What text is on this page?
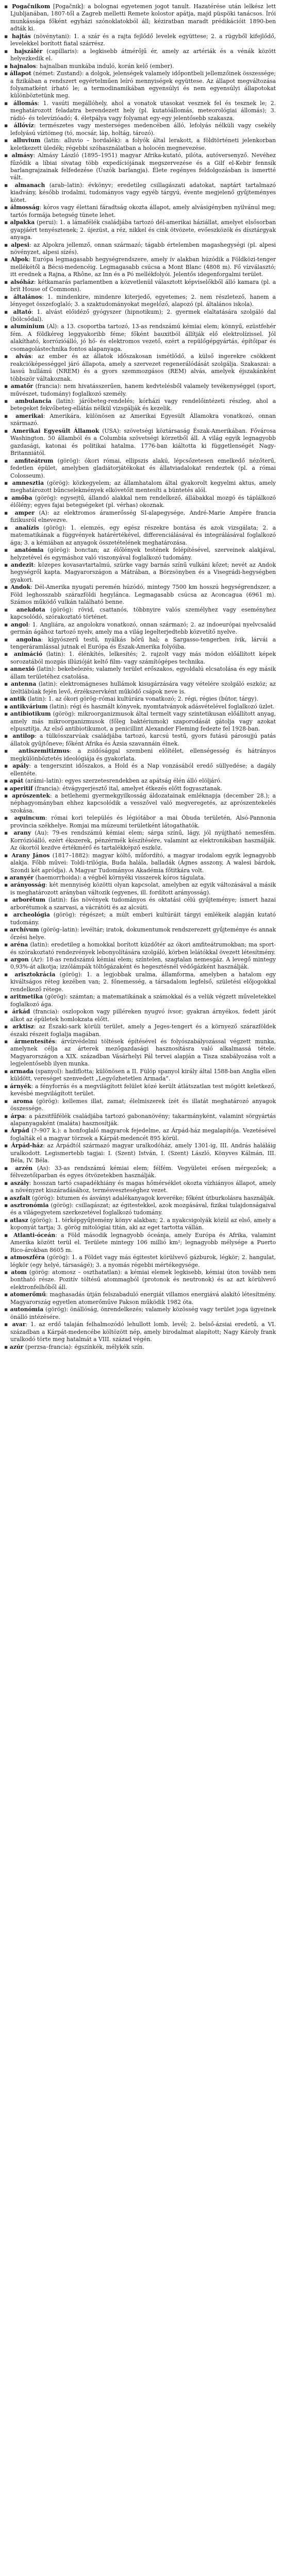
▪ Pogačnikom [Pogačnik]: a bolognai egyetemen jogot tanult. Hazatérése után lelkész lett Ljubljanában, 1807-től a Zagreb melletti Remete kolostor apátja, majd püspöki tanácsos. Írói munkássága főként egyházi szónoklatokból áll; kéziratban maradt prédikációit 1890-ben adták ki.

▪ hajtás (növénytani): 1. a szár és a rajta fejlődő levelek együttese; 2. a rügyből kifejlődő, levelekkel borított fiatal szárrész.

▪ hajszálér (capillaris): a legkisebb átmérőjű ér, amely az artériák és a vénák között helyezkedik el.

▪ hajnalos: hajnalban munkába induló, korán kelő (ember).

▪ állapot (német: Zustand): a dolgok, jelenségek valamely időpontbeli jellemzőinek összessége; a fizikában a rendszert egyértelműen leíró mennyiségek együttese. Az állapot megváltozása folyamatként írható le; a termodinamikában egyensúlyi és nem egyensúlyi állapotokat különböztetünk meg.

▪ állomás: 1. vasúti megállóhely, ahol a vonatok utasokat vesznek fel és tesznek le; 2. meghatározott feladatra berendezett hely (pl. kutatóállomás, meteorológiai állomás); 3. rádió- és televízióadó; 4. életpálya vagy folyamat egy-egy jelentősebb szakasza.

▪ állóvíz: természetes vagy mesterséges medencében álló, lefolyás nélküli vagy csekély lefolyású víztömeg (tó, mocsár, láp, holtág, tározó).

▪ alluvium (latin: alluvio – hordalék): a folyók által lerakott, a földtörténeti jelenkorban keletkezett üledék; régebbi szóhasználatban a holocén megnevezése.

▪ almásy: Almásy László (1895–1951) magyar Afrika-kutató, pilóta, autóversenyző. Nevéhez fűződik a líbiai sivatag több expedíciójának megszervezése és a Gilf el-Kebir fennsík barlangrajzainak felfedezése (Úszók barlangja). Élete regényes feldolgozásban is ismertté vált.

▪ almanach (arab–latin): évkönyv; eredetileg csillagászati adatokat, naptárt tartalmazó kiadvány, később irodalmi, tudományos vagy egyéb tárgyú, évente megjelenő gyűjteményes kötet.

▪ álmosság: kóros vagy élettani fáradtság okozta állapot, amely alvásigényben nyilvánul meg; tartós formája betegség tünete lehet.

▪ alpakka (perui): 1. a lámafélék családjába tartozó dél-amerikai háziállat, amelyet elsősorban gyapjáért tenyésztenek; 2. újezüst, a réz, nikkel és cink ötvözete, evőeszközök és dísztárgyak anyaga.

▪ alpesi: az Alpokra jellemző, onnan származó; tágabb értelemben magashegységi (pl. alpesi növényzet, alpesi sízés).

▪ Alpok: Európa legmagasabb hegységrendszere, amely ív alakban húzódik a Földközi-tenger mellékétől a Bécsi-medencéig. Legmagasabb csúcsa a Mont Blanc (4808 m). Fő vízválasztó; itt erednek a Rajna, a Rhône, az Inn és a Pó mellékfolyói. Jelentős idegenforgalmi terület.

▪ alsóház: kétkamarás parlamentben a közvetlenül választott képviselőkből álló kamara (pl. a brit House of Commons).

▪ általános: 1. mindenkire, mindenre kiterjedő, egyetemes; 2. nem részletező, hanem a lényeget összefoglaló; 3. a szaktudományokat megelőző, alapozó (pl. általános iskola).

▪ altató: 1. alvást előidéző gyógyszer (hipnotikum); 2. gyermek elaltatására szolgáló dal (bölcsődal).

▪ alumínium (Al): a 13. csoportba tartozó, 13-as rendszámú kémiai elem; könnyű, ezüstfehér fém. A földkéreg leggyakoribb féme; főként bauxitból állítják elő elektrolízissel. Jól alakítható, korrózióálló, jó hő- és elektromos vezető, ezért a repülőgépgyártás, építőipar és csomagolástechnika fontos alapanyaga.

▪ alvás: az ember és az állatok időszakosan ismétlődő, a külső ingerekre csökkent reakcióképességgel járó állapota, amely a szervezet regenerálódását szolgálja. Szakaszai: a lassú hullámú (NREM) és a gyors szemmozgásos (REM) alvás, amelyek éjszakánként többször váltakoznak.

▪ amatőr (francia): nem hivatásszerűen, hanem kedvtelésből valamely tevékenységgel (sport, művészet, tudomány) foglalkozó személy.

▪ ambulancia (latin): járóbeteg-rendelés; kórházi vagy rendelőintézeti részleg, ahol a betegeket fekvőbeteg-ellátás nélkül vizsgálják és kezelik.

▪ amerikai: Amerikára, különösen az Amerikai Egyesült Államokra vonatkozó, onnan származó.

▪ Amerikai Egyesült Államok (USA): szövetségi köztársaság Észak-Amerikában. Fővárosa Washington. 50 államból és a Columbia szövetségi körzetből áll. A világ egyik legnagyobb gazdasági, katonai és politikai hatalma. 1776-ban kiáltotta ki függetlenségét Nagy-Britanniától.

▪ amfiteátrum (görög): ókori római, ellipszis alakú, lépcsőzetesen emelkedő nézőterű, fedetlen épület, amelyben gladiátorjátékokat és állatviadalokat rendeztek (pl. a római Colosseum).

▪ amnesztia (görög): közkegyelem; az államhatalom által gyakorolt kegyelmi aktus, amely meghatározott bűncselekmények elkövetőit mentesíti a büntetés alól.

▪ amőba (görög): egysejtű, állandó alakkal nem rendelkező, állábakkal mozgó és táplálkozó élőlény; egyes fajai betegségeket (pl. vérhas) okoznak.

▪ amper (A): az elektromos áramerősség SI-alapegysége, André-Marie Ampère francia fizikusról elnevezve.

▪ analízis (görög): 1. elemzés, egy egész részekre bontása és azok vizsgálata; 2. a matematikának a függvények határértékével, differenciálásával és integrálásával foglalkozó ága; 3. a kémiában az anyagok összetételének meghatározása.

▪ anatómia (görög): bonctan; az élőlények testének felépítésével, szerveinek alakjával, helyzetével és egymáshoz való viszonyával foglalkozó tudomány.

▪ andezit: közepes kovasavtartalmú, szürke vagy barnás színű vulkáni kőzet; nevét az Andok hegységről kapta. Magyarországon a Mátrában, a Börzsönyben és a Visegrádi-hegységben gyakori.

▪ Andok: Dél-Amerika nyugati peremén húzódó, mintegy 7500 km hosszú hegységrendszer, a Föld leghosszabb szárazföldi hegylánca. Legmagasabb csúcsa az Aconcagua (6961 m). Számos működő vulkán található benne.

▪ anekdota (görög): rövid, csattanós, többnyire valós személyhez vagy eseményhez kapcsolódó, szórakoztató történet.

▪ angol: 1. Angliára, az angolokra vonatkozó, onnan származó; 2. az indoeurópai nyelvcsalád germán ágához tartozó nyelv, amely ma a világ legelterjedtebb közvetítő nyelve.

▪ angolna: kígyószerű testű, nyálkás bőrű hal; a Sargasso-tengerben ívik, lárvái a tengeráramlással jutnak el Európa és Észak-Amerika folyóiba.

▪ animáció (latin): 1. élénkítés, lelkesítés; 2. rajzolt vagy más módon előállított képek sorozatából mozgás illúzióját keltő film- vagy számítógépes technika.

▪ annexió (latin): bekebelezés; valamely terület erőszakos, egyoldalú elcsatolása és egy másik állam területéhez csatolása.

▪ antenna (latin): elektromágneses hullámok kisugárzására vagy vételére szolgáló eszköz; az ízeltlábúak fején levő, érzékszervként működő csápok neve is.

▪ antik (latin): 1. az ókori görög–római kultúrára vonatkozó; 2. régi, régies (bútor, tárgy).

▪ antikvárium (latin): régi és használt könyvek, nyomtatványok adásvételével foglalkozó üzlet.

▪ antibiotikum (görög): mikroorganizmusok által termelt vagy szintetikusan előállított anyag, amely más mikroorganizmusok (főleg baktériumok) szaporodását gátolja vagy azokat elpusztítja. Az első antibiotikumot, a penicillint Alexander Fleming fedezte fel 1928-ban.

▪ antilop: a tülkösszarvúak családjába tartozó, karcsú testű, gyors futású párosujjú patás állatok gyűjtőneve; főként Afrika és Ázsia szavannáin élnek.

▪ antiszemitizmus: a zsidósággal szembeni előítélet, ellenségesség és hátrányos megkülönböztetés ideológiája és gyakorlata.

▪ apály: a tengerszint időszakos, a Hold és a Nap vonzásából eredő süllyedése; a dagály ellentéte.

▪ apát (arámi–latin): egyes szerzetesrendekben az apátság élén álló elöljáró.

▪ aperitif (francia): étvágygerjesztő ital, amelyet étkezés előtt fogyasztanak.

▪ aprószentek: a betlehemi gyermekgyilkosság áldozatainak emléknapja (december 28.); a néphagyományban ehhez kapcsolódik a vesszővel való megveregetés, az aprószentekelés szokása.

▪ aquincum: római kori település és légiótábor a mai Óbuda területén, Alsó-Pannonia provincia székhelye. Romjai ma múzeumi területként látogathatók.

▪ arany (Au): 79-es rendszámú kémiai elem; sárga színű, lágy, jól nyújtható nemesfém. Korrózióálló, ezért ékszerek, pénzérmék készítésére, valamint az elektronikában használják. Az ókortól kezdve értékmérő és tartalékképző eszköz.

▪ Arany János (1817–1882): magyar költő, műfordító, a magyar irodalom egyik legnagyobb alakja. Főbb művei: Toldi-trilógia, Buda halála, balladák (Ágnes asszony, A walesi bárdok, Szondi két apródja). A Magyar Tudományos Akadémia főtitkára volt.

▪ aranyér (haemorrhoida): a végbél környéki visszerek kóros tágulata.

▪ arányosság: két mennyiség közötti olyan kapcsolat, amelyben az egyik változásával a másik is meghatározott arányban változik (egyenes, ill. fordított arányosság).

▪ arborétum (latin): fás növények tudományos és oktatási célú gyűjteménye; ismert hazai arborétumok a szarvasi, a vácrátóti és az alcsúti.

▪ archeológia (görög): régészet; a múlt emberi kultúráit tárgyi emlékeik alapján kutató tudomány.

▪ archívum (görög–latin): levéltár; iratok, dokumentumok rendszerezett gyűjteménye és annak őrzési helye.

▪ aréna (latin): eredetileg a homokkal borított küzdőtér az ókori amfiteátrumokban; ma sport- és szórakoztató rendezvények lebonyolítására szolgáló, körben lelátókkal övezett létesítmény.

▪ argon (Ar): 18-as rendszámú kémiai elem; színtelen, szagtalan nemesgáz. A levegő mintegy 0,93%-át alkotja; izzólámpák töltőgázaként és hegesztésnél védőgázként használják.

▪ arisztokrácia (görög): 1. a legjobbak uralma, államforma, amelyben a hatalom egy kiváltságos réteg kezében van; 2. főnemesség, a társadalom legfelső, születési előjogokkal rendelkező rétege.

▪ aritmetika (görög): számtan; a matematikának a számokkal és a velük végzett műveletekkel foglalkozó ága.

▪ árkád (francia): oszlopokon vagy pilléreken nyugvó ívsor; gyakran árnyékos, fedett járót alkot az épületek homlokzata előtt.

▪ arktisz: az Északi-sark körüli terület, amely a Jeges-tengert és a környező szárazföldek északi részeit foglalja magában.

▪ ármentesítés: árvízvédelmi töltések építésével és folyószabályozással végzett munka, amelynek célja az árterek mezőgazdasági hasznosításra való alkalmassá tétele. Magyarországon a XIX. században Vásárhelyi Pál tervei alapján a Tisza szabályozása volt a legjelentősebb ilyen munka.

▪ armada (spanyol): hadiflotta; különösen a II. Fülöp spanyol király által 1588-ban Anglia ellen küldött, vereséget szenvedett „Legyőzhetetlen Armada”.

▪ árnyék: a fényforrás és a megvilágított felület közé került átlátszatlan test mögött keletkező, kevésbé megvilágított terület.

▪ aroma (görög): kellemes illat, zamat; élelmiszerek ízét és illatát meghatározó anyagok összessége.

▪ árpa: a pázsitfűfélék családjába tartozó gabonanövény; takarmányként, valamint sörgyártás alapanyagaként (maláta) hasznosítják.

▪ Árpád (?–907 k.): a honfoglaló magyarok fejedelme, az Árpád-ház megalapítója. Vezetésével foglalták el a magyar törzsek a Kárpát-medencét 895 körül.

▪ Árpád-ház: az Árpádtól származó magyar uralkodóház, amely 1301-ig, III. András haláláig uralkodott. Legismertebb tagjai: I. (Szent) István, I. (Szent) László, Könyves Kálmán, III. Béla, IV. Béla.

▪ arzén (As): 33-as rendszámú kémiai elem; félfém. Vegyületei erősen mérgezőek; a félvezetőiparban és egyes ötvözetekben használják.

▪ aszály: hosszan tartó csapadékhiány és magas hőmérséklet okozta vízhiányos állapot, amely a növényzet kiszáradásához, termésveszteséghez vezet.

▪ aszfalt (görög): bitumen és ásványi adalékanyagok keveréke; főként útburkolásra használják.

▪ asztronómia (görög): csillagászat; az égitestekkel, azok mozgásával, fizikai tulajdonságaival és a világegyetem szerkezetével foglalkozó tudomány.

▪ atlasz (görög): 1. térképgyűjtemény könyv alakban; 2. a nyakcsigolyák közül az első, amely a koponyát tartja; 3. görög mitológiai titán, aki az eget tartotta vállán.

▪ Atlanti-óceán: a Föld második legnagyobb óceánja, amely Európa és Afrika, valamint Amerika között terül el. Területe mintegy 106 millió km²; legnagyobb mélysége a Puerto Rico-árokban 8605 m.

▪ atmoszféra (görög): 1. a Földet vagy más égitestet körülvevő gázburok, légkör; 2. hangulat, légkör (egy helyé, társaságé); 3. a nyomás régebbi mértékegysége.

▪ atom (görög: atomosz – oszthatatlan): a kémiai elemek legkisebb, kémiai úton tovább nem bontható része. Pozitív töltésű atommagból (protonok és neutronok) és az azt körülvevő elektronfelhőből áll.

▪ atomerőmű: maghasadás útján felszabaduló energiát villamos energiává alakító létesítmény. Magyarország egyetlen atomerőműve Pakson működik 1982 óta.

▪ autonómia (görög): önállóság, önrendelkezés; valamely közösség vagy terület joga ügyeinek önálló intézésére.

▪ avar: 1. az erdő talaján felhalmozódó lehullott lomb, levél; 2. belső-ázsiai eredetű, a VI. században a Kárpát-medencébe költözött nép, amely birodalmat alapított; Nagy Károly frank uralkodó törte meg hatalmát a VIII. század végén.

▪ azúr (perzsa–francia): égszínkék, mélykék szín.
